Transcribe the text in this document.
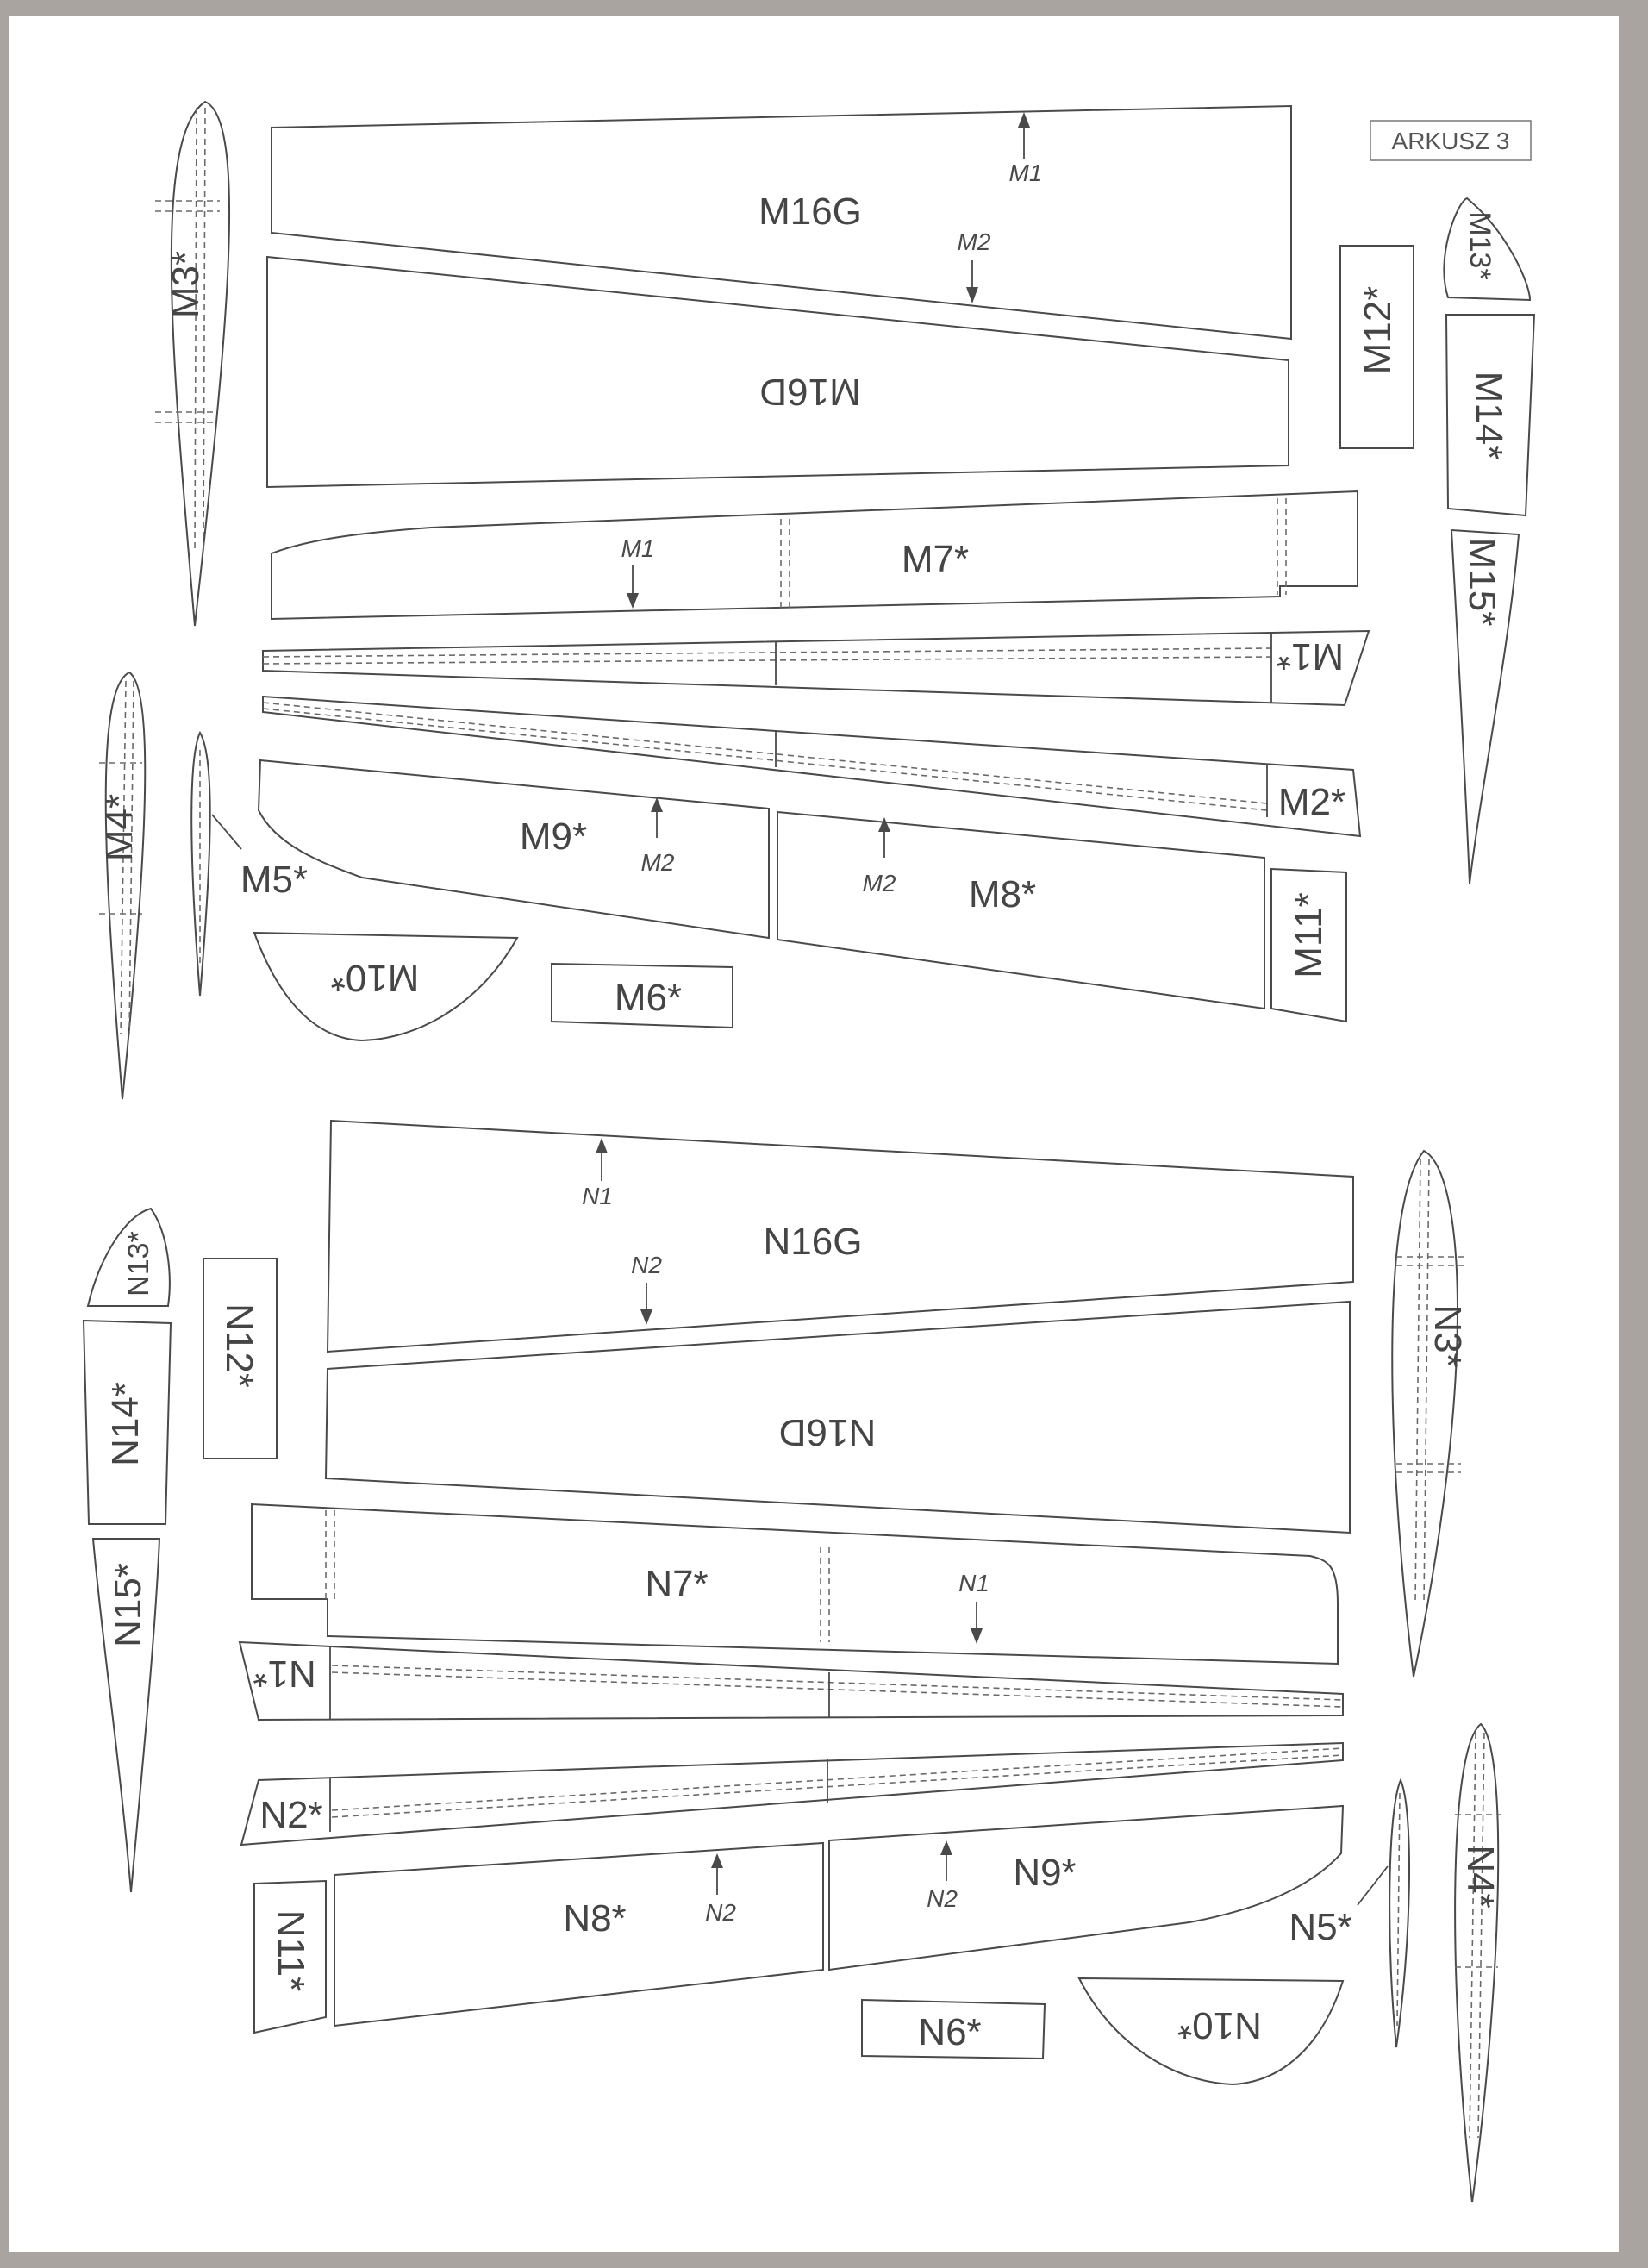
ARKUSZ 3
M16G
M1
M2
M16D
M3*
M7*
M1
M1*
M2*
M4*
M5*
M9*
M2
M8*
M2
M11*
M10*	M6*
M12*
M13*
M14*
M15*
N16G
N1
N2
N16D
N3*
N7*	N1
N1*
N2*
N4*
N5*
N9*
N2
N8*	N2
N11*
N6*	N10*
N12*
N13*
N14*
N15*
